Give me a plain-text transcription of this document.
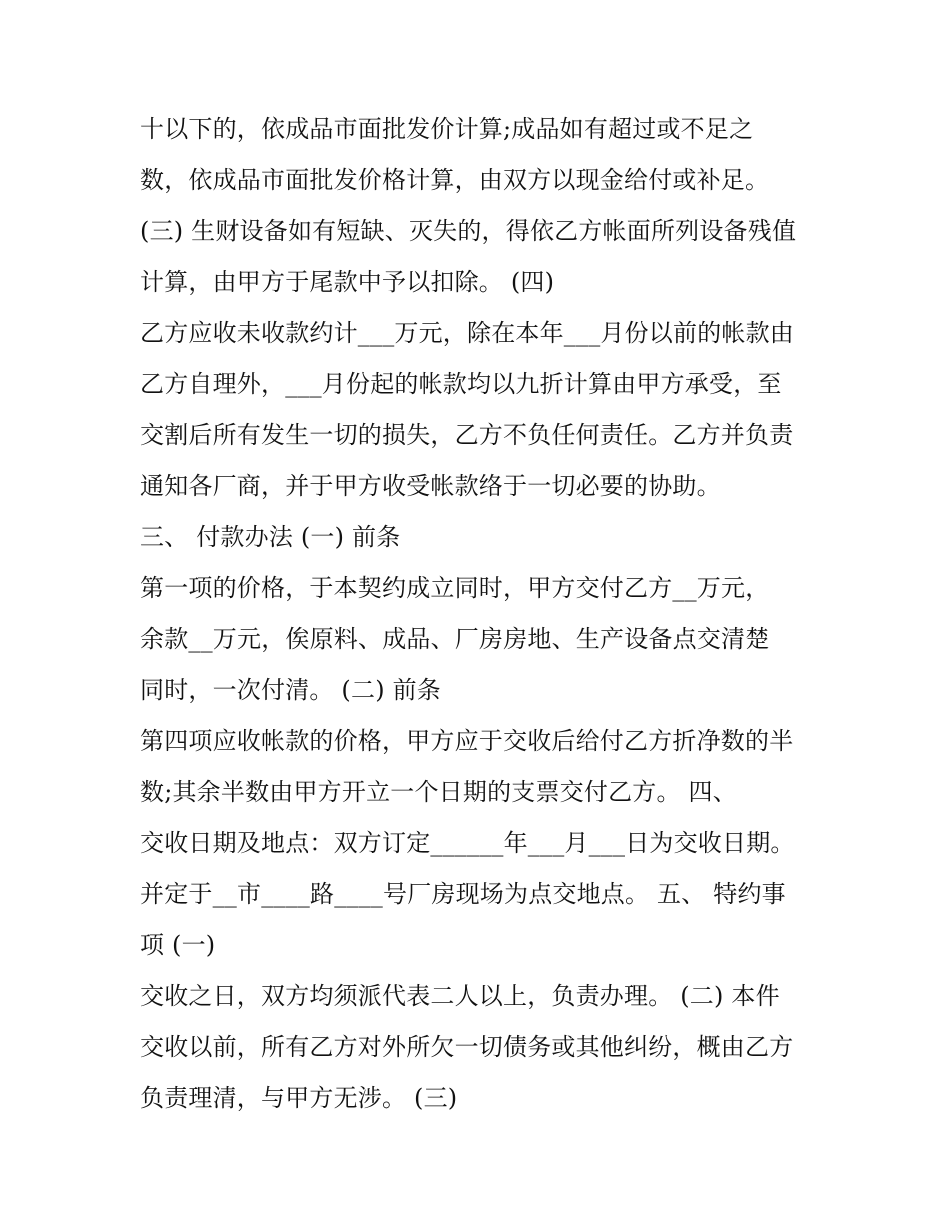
十以下的，依成品市面批发价计算;成品如有超过或不足之
数，依成品市面批发价格计算，由双方以现金给付或补足。
(三) 生财设备如有短缺、灭失的，得依乙方帐面所列设备残值
计算，由甲方于尾款中予以扣除。 (四)
乙方应收未收款约计___万元，除在本年___月份以前的帐款由
乙方自理外，___月份起的帐款均以九折计算由甲方承受，至
交割后所有发生一切的损失，乙方不负任何责任。乙方并负责
通知各厂商，并于甲方收受帐款络于一切必要的协助。
三、 付款办法 (一) 前条
第一项的价格，于本契约成立同时，甲方交付乙方__万元，
余款__万元，俟原料、成品、厂房房地、生产设备点交清楚
同时，一次付清。 (二) 前条
第四项应收帐款的价格，甲方应于交收后给付乙方折净数的半
数;其余半数由甲方开立一个日期的支票交付乙方。 四、
交收日期及地点：双方订定______年___月___日为交收日期。
并定于__市____路____号厂房现场为点交地点。 五、 特约事
项 (一)
交收之日，双方均须派代表二人以上，负责办理。 (二) 本件
交收以前，所有乙方对外所欠一切债务或其他纠纷，概由乙方
负责理清，与甲方无涉。 (三)
